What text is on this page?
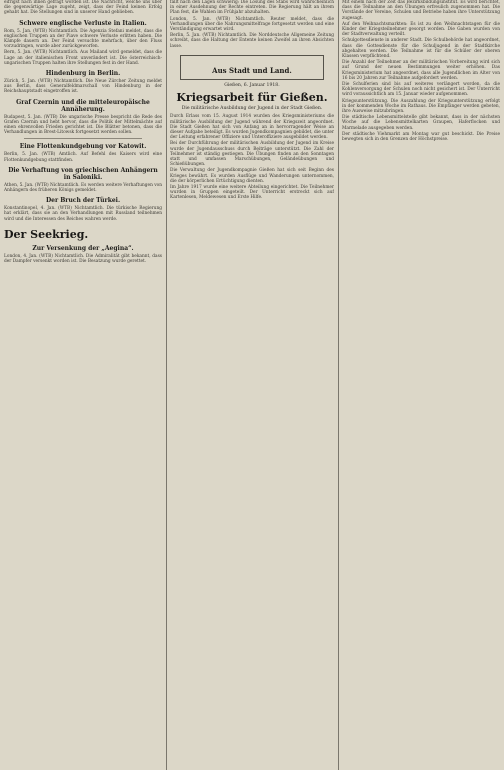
eifrigst nach ihnen gefragt worden ist. Die Nachricht, welche uns über die gegenwärtige Lage zugeht, zeigt, dass der Feind keinen Erfolg gehabt hat. Die Stellungen sind in unserer Hand geblieben.
Schwere englische Verluste in Italien.
Rom, 5. Jan. (WTB) Nichtamtlich. Die Agenzia Stefani meldet, dass die englischen Truppen an der Piave schwere Verluste erlitten haben. Die Kämpfe dauern an. Der Feind versuchte mehrfach, über den Fluss vorzudringen, wurde aber zurückgeworfen.
Bern, 5. Jan. (WTB) Nichtamtlich. Aus Mailand wird gemeldet, dass die Lage an der italienischen Front unverändert ist. Die österreichisch-ungarischen Truppen halten ihre Stellungen fest in der Hand.
Hindenburg in Berlin.
Zürich, 5. Jan. (WTB) Nichtamtlich. Die Neue Zürcher Zeitung meldet aus Berlin, dass Generalfeldmarschall von Hindenburg in der Reichshauptstadt eingetroffen ist.
Graf Czernin und die mitteleuropäische Annäherung.
Budapest, 5. Jan. (WTB) Die ungarische Presse bespricht die Rede des Grafen Czernin und hebt hervor, dass die Politik der Mittelmächte auf einen ehrenvollen Frieden gerichtet ist. Die Blätter betonen, dass die Verhandlungen in Brest-Litowsk fortgesetzt werden sollen.
Eine Flottenkundgebung vor Katowit.
Berlin, 5. Jan. (WTB) Amtlich. Auf Befehl des Kaisers wird eine Flottenkundgebung stattfinden.
Die Verhaftung von griechischen Anhängern in Saloniki.
Athen, 5. Jan. (WTB) Nichtamtlich. Es werden weitere Verhaftungen von Anhängern des früheren Königs gemeldet.
Der Bruch der Türkei.
Konstantinopel, 4. Jan. (WTB) Nichtamtlich. Die türkische Regierung hat erklärt, dass sie an den Verhandlungen mit Russland teilnehmen wird und die Interessen des Reiches wahren werde.
Der Seekrieg.
Zur Versenkung der „Aegina“.
London, 4. Jan. (WTB) Nichtamtlich. Die Admiralität gibt bekannt, dass der Dampfer versenkt worden ist. Die Besatzung wurde gerettet.
fällt nach den Lagen schwierig: Die Lösung des Stabs wird wahrscheinlich in einer Ausdehnung der Rechte eintreten. Die Regierung hält an ihrem Plan fest, die Wahlen im Frühjahr abzuhalten.
London, 5. Jan. (WTB) Nichtamtlich. Reuter meldet, dass die Verhandlungen über die Nahrungsmittelfrage fortgesetzt werden und eine Verständigung erwartet wird.
Berlin, 5. Jan. (WTB) Nichtamtlich. Die Norddeutsche Allgemeine Zeitung schreibt, dass die Haltung der Entente keinen Zweifel an ihren Absichten lasse.
Aus Stadt und Land.
Gießen, 6. Januar 1918.
Kriegsarbeit für Gießen.
Die militärische Ausbildung der Jugend in der Stadt Gießen.
Durch Erlass vom 15. August 1914 wurden des Kriegsministeriums die militärische Ausbildung der Jugend während der Kriegszeit angeordnet. Die Stadt Gießen hat sich von Anfang an in hervorragender Weise an dieser Aufgabe beteiligt. Es wurden Jugendkompagnien gebildet, die unter der Leitung erfahrener Offiziere und Unteroffiziere ausgebildet werden.
Bei der Durchführung der militärischen Ausbildung der Jugend im Kreise wurde der Jugendausschuss durch Beiträge unterstützt. Die Zahl der Teilnehmer ist ständig gestiegen. Die Übungen finden an den Sonntagen statt und umfassen Marschübungen, Geländeübungen und Schießübungen.
Die Verwaltung der Jugendkompagnie Gießen hat sich seit Beginn des Krieges bewährt. Es wurden Ausflüge und Wanderungen unternommen, die der körperlichen Ertüchtigung dienten.
Im Jahre 1917 wurde eine weitere Abteilung eingerichtet. Die Teilnehmer wurden in Gruppen eingeteilt. Der Unterricht erstreckt sich auf Kartenlesen, Meldewesen und Erste Hilfe.
Mit einem nach der Zeit das Bezirksbildungsinstitut. Es wird berichtet, dass die Teilnahme an den Übungen erfreulich zugenommen hat. Die Vorstände der Vereine, Schulen und Betriebe haben ihre Unterstützung zugesagt.
Auf den Weihnachtsmarkten: Es ist zu den Weihnachtstagen für die Kinder der Kriegsteilnehmer gesorgt worden. Die Gaben wurden von der Stadtverwaltung verteilt.
Schulgottesdienste in anderer Stadt. Die Schulbehörde hat angeordnet, dass die Gottesdienste für die Schuljugend in der Stadtkirche abgehalten werden. Die Teilnahme ist für die Schüler der oberen Klassen verpflichtend.
Die Anzahl der Teilnehmer an der militärischen Vorbereitung wird sich auf Grund der neuen Bestimmungen weiter erhöhen. Das Kriegsministerium hat angeordnet, dass alle Jugendlichen im Alter von 16 bis 20 Jahren zur Teilnahme aufgefordert werden.
Die Schulferien sind bis auf weiteres verlängert worden, da die Kohlenversorgung der Schulen noch nicht gesichert ist. Der Unterricht wird voraussichtlich am 15. Januar wieder aufgenommen.
Kriegsunterstützung. Die Auszahlung der Kriegsunterstützung erfolgt in der kommenden Woche im Rathaus. Die Empfänger werden gebeten, ihre Ausweise mitzubringen.
Die städtische Lebensmittelstelle gibt bekannt, dass in der nächsten Woche auf die Lebensmittelkarten Graupen, Haferflocken und Marmelade ausgegeben werden.
Der städtische Viehmarkt am Montag war gut beschickt. Die Preise bewegten sich in den Grenzen der Höchstpreise.
